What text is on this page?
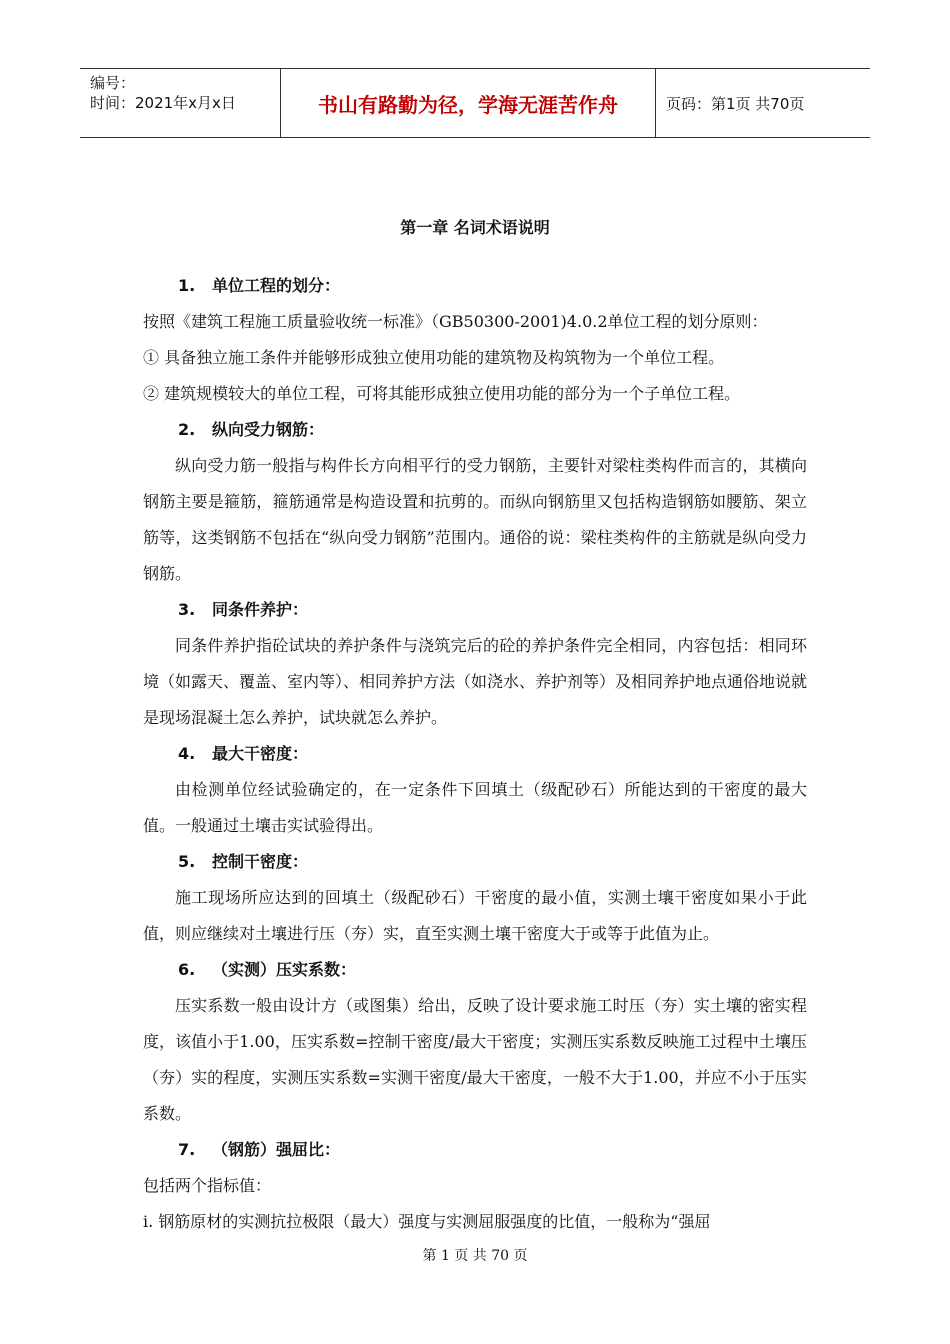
编号：
时间：2021年x月x日	书山有路勤为径，学海无涯苦作舟	页码：第1页 共70页
第一章 名词术语说明
1. 单位工程的划分：
按照《建筑工程施工质量验收统一标准》（GB50300-2001)4.0.2单位工程的划分原则：
① 具备独立施工条件并能够形成独立使用功能的建筑物及构筑物为一个单位工程。
② 建筑规模较大的单位工程，可将其能形成独立使用功能的部分为一个子单位工程。
2. 纵向受力钢筋：
纵向受力筋一般指与构件长方向相平行的受力钢筋，主要针对梁柱类构件而言的，其横向钢筋主要是箍筋，箍筋通常是构造设置和抗剪的。而纵向钢筋里又包括构造钢筋如腰筋、架立筋等，这类钢筋不包括在“纵向受力钢筋”范围内。通俗的说：梁柱类构件的主筋就是纵向受力钢筋。
3. 同条件养护：
同条件养护指砼试块的养护条件与浇筑完后的砼的养护条件完全相同，内容包括：相同环境（如露天、覆盖、室内等）、相同养护方法（如浇水、养护剂等）及相同养护地点通俗地说就是现场混凝土怎么养护，试块就怎么养护。
4. 最大干密度：
由检测单位经试验确定的，在一定条件下回填土（级配砂石）所能达到的干密度的最大值。一般通过土壤击实试验得出。
5. 控制干密度：
施工现场所应达到的回填土（级配砂石）干密度的最小值，实测土壤干密度如果小于此值，则应继续对土壤进行压（夯）实，直至实测土壤干密度大于或等于此值为止。
6. （实测）压实系数：
压实系数一般由设计方（或图集）给出，反映了设计要求施工时压（夯）实土壤的密实程度，该值小于1.00，压实系数=控制干密度/最大干密度；实测压实系数反映施工过程中土壤压（夯）实的程度，实测压实系数=实测干密度/最大干密度，一般不大于1.00，并应不小于压实系数。
7. （钢筋）强屈比：
包括两个指标值：
i. 钢筋原材的实测抗拉极限（最大）强度与实测屈服强度的比值，一般称为“强屈
第 1 页 共 70 页
